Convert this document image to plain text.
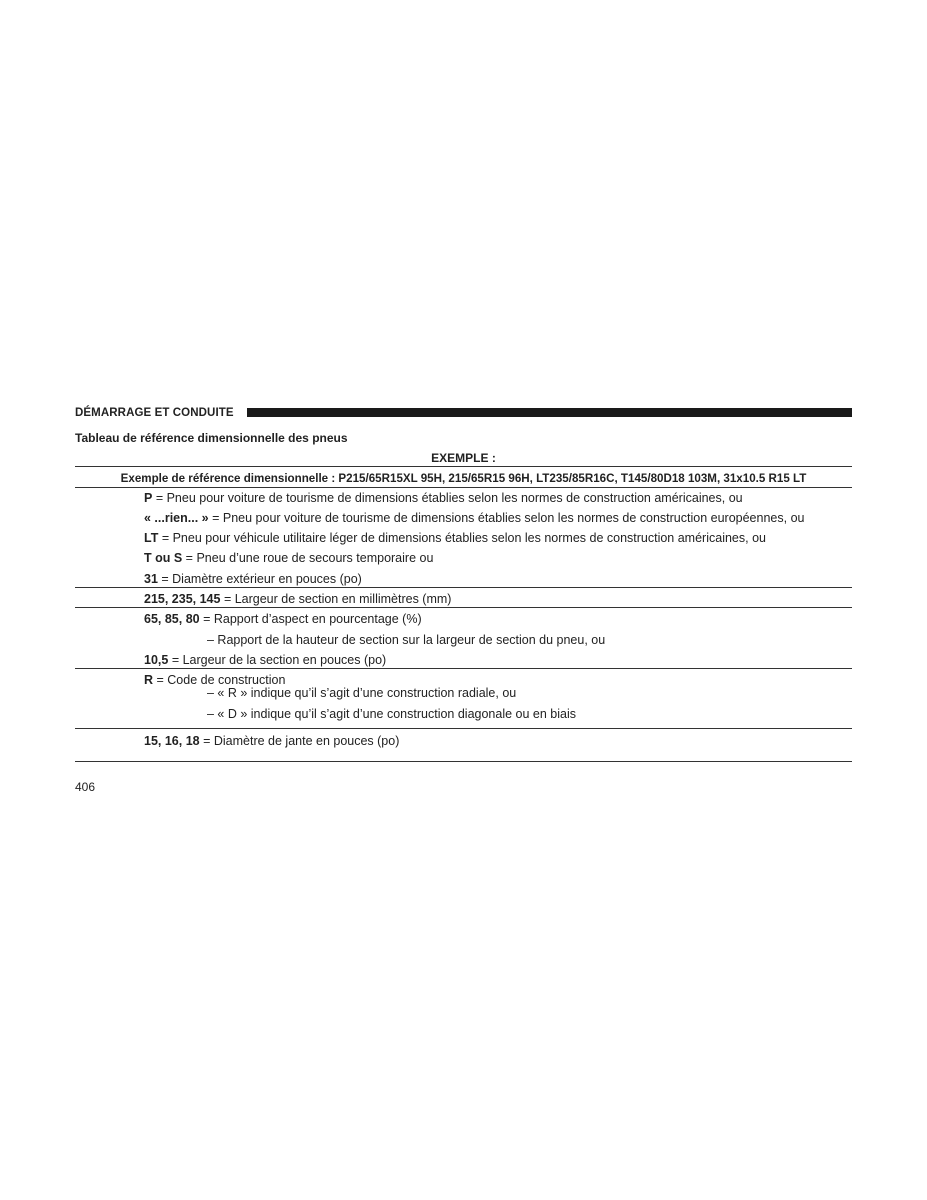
DÉMARRAGE ET CONDUITE
Tableau de référence dimensionnelle des pneus
EXEMPLE :
Exemple de référence dimensionnelle : P215/65R15XL 95H, 215/65R15 96H, LT235/85R16C, T145/80D18 103M, 31x10.5 R15 LT
P = Pneu pour voiture de tourisme de dimensions établies selon les normes de construction américaines, ou
« ...rien... » = Pneu pour voiture de tourisme de dimensions établies selon les normes de construction européennes, ou
LT = Pneu pour véhicule utilitaire léger de dimensions établies selon les normes de construction américaines, ou
T ou S = Pneu d’une roue de secours temporaire ou
31 = Diamètre extérieur en pouces (po)
215, 235, 145 = Largeur de section en millimètres (mm)
65, 85, 80 = Rapport d’aspect en pourcentage (%)
– Rapport de la hauteur de section sur la largeur de section du pneu, ou
10,5 = Largeur de la section en pouces (po)
R = Code de construction
– « R » indique qu’il s’agit d’une construction radiale, ou
– « D » indique qu’il s’agit d’une construction diagonale ou en biais
15, 16, 18 = Diamètre de jante en pouces (po)
406
